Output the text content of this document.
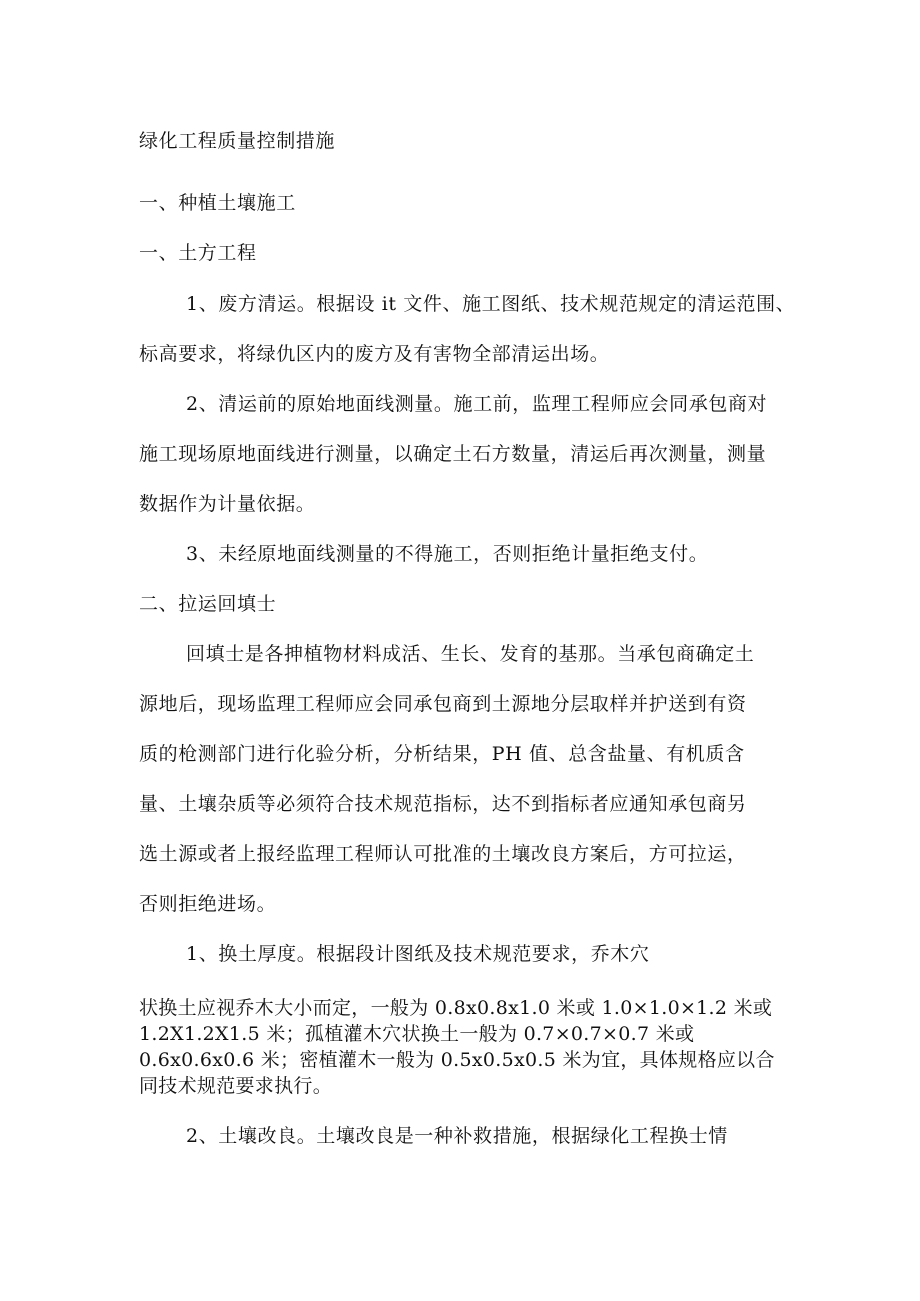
绿化工程质量控制措施
一、种植土壤施工
一、土方工程
1、废方清运。根据设 it 文件、施工图纸、技术规范规定的清运范围、
标高要求，将绿仇区内的废方及有害物全部清运出场。
2、清运前的原始地面线测量。施工前，监理工程师应会同承包商对
施工现场原地面线进行测量，以确定土石方数量，清运后再次测量，测量
数据作为计量依据。
3、未经原地面线测量的不得施工，否则拒绝计量拒绝支付。
二、拉运回填士
回填士是各抻植物材料成活、生长、发育的基那。当承包商确定土
源地后，现场监理工程师应会同承包商到土源地分层取样并护送到有资
质的枪测部门进行化验分析，分析结果，PH 值、总含盐量、有机质含
量、土壤杂质等必须符合技术规范指标，达不到指标者应通知承包商另
选土源或者上报经监理工程师认可批准的土壤改良方案后，方可拉运，
否则拒绝进场。
1、换土厚度。根据段计图纸及技术规范要求，乔木穴
状换土应视乔木大小而定，一般为 0.8x0.8x1.0 米或 1.0×1.0×1.2 米或
1.2X1.2X1.5 米；孤植灌木穴状换土一般为 0.7×0.7×0.7 米或
0.6x0.6x0.6 米；密植灌木一般为 0.5x0.5x0.5 米为宜，具体规格应以合
同技术规范要求执行。
2、土壤改良。土壤改良是一种补救措施，根据绿化工程换士情
